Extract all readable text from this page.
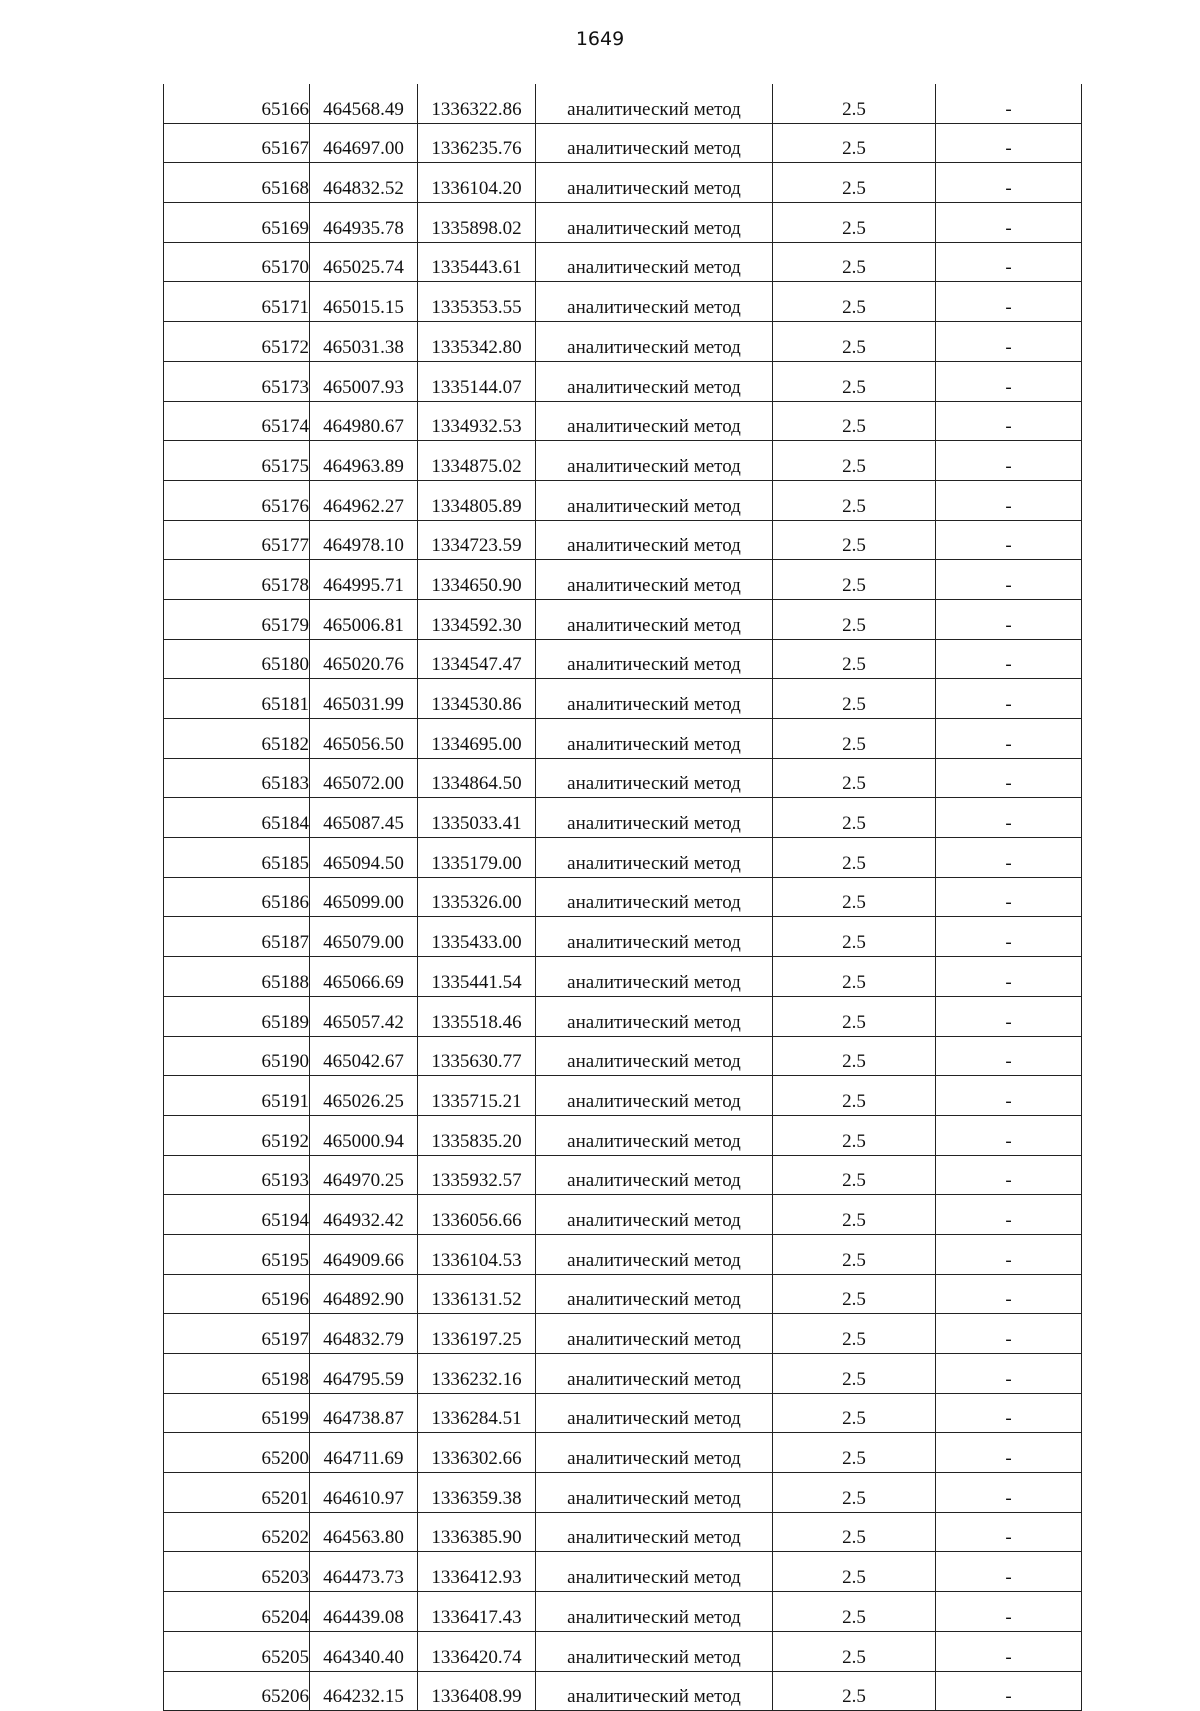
1649
65166	464568.49	1336322.86	аналитический метод	2.5	-
65167	464697.00	1336235.76	аналитический метод	2.5	-
65168	464832.52	1336104.20	аналитический метод	2.5	-
65169	464935.78	1335898.02	аналитический метод	2.5	-
65170	465025.74	1335443.61	аналитический метод	2.5	-
65171	465015.15	1335353.55	аналитический метод	2.5	-
65172	465031.38	1335342.80	аналитический метод	2.5	-
65173	465007.93	1335144.07	аналитический метод	2.5	-
65174	464980.67	1334932.53	аналитический метод	2.5	-
65175	464963.89	1334875.02	аналитический метод	2.5	-
65176	464962.27	1334805.89	аналитический метод	2.5	-
65177	464978.10	1334723.59	аналитический метод	2.5	-
65178	464995.71	1334650.90	аналитический метод	2.5	-
65179	465006.81	1334592.30	аналитический метод	2.5	-
65180	465020.76	1334547.47	аналитический метод	2.5	-
65181	465031.99	1334530.86	аналитический метод	2.5	-
65182	465056.50	1334695.00	аналитический метод	2.5	-
65183	465072.00	1334864.50	аналитический метод	2.5	-
65184	465087.45	1335033.41	аналитический метод	2.5	-
65185	465094.50	1335179.00	аналитический метод	2.5	-
65186	465099.00	1335326.00	аналитический метод	2.5	-
65187	465079.00	1335433.00	аналитический метод	2.5	-
65188	465066.69	1335441.54	аналитический метод	2.5	-
65189	465057.42	1335518.46	аналитический метод	2.5	-
65190	465042.67	1335630.77	аналитический метод	2.5	-
65191	465026.25	1335715.21	аналитический метод	2.5	-
65192	465000.94	1335835.20	аналитический метод	2.5	-
65193	464970.25	1335932.57	аналитический метод	2.5	-
65194	464932.42	1336056.66	аналитический метод	2.5	-
65195	464909.66	1336104.53	аналитический метод	2.5	-
65196	464892.90	1336131.52	аналитический метод	2.5	-
65197	464832.79	1336197.25	аналитический метод	2.5	-
65198	464795.59	1336232.16	аналитический метод	2.5	-
65199	464738.87	1336284.51	аналитический метод	2.5	-
65200	464711.69	1336302.66	аналитический метод	2.5	-
65201	464610.97	1336359.38	аналитический метод	2.5	-
65202	464563.80	1336385.90	аналитический метод	2.5	-
65203	464473.73	1336412.93	аналитический метод	2.5	-
65204	464439.08	1336417.43	аналитический метод	2.5	-
65205	464340.40	1336420.74	аналитический метод	2.5	-
65206	464232.15	1336408.99	аналитический метод	2.5	-
